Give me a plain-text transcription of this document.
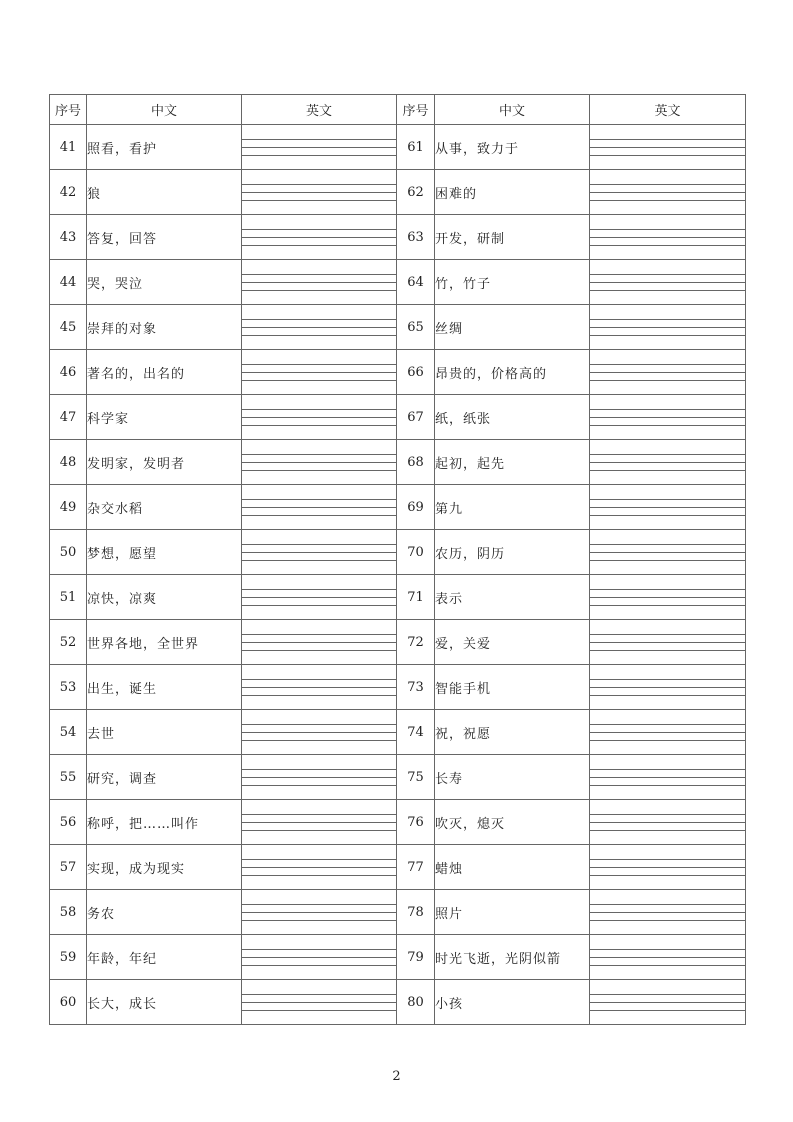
序号	中文	英文	序号	中文	英文
41	照看，看护		61	从事，致力于	

42	狼		62	困难的	

43	答复，回答		63	开发，研制	

44	哭，哭泣		64	竹，竹子	

45	崇拜的对象		65	丝绸	

46	著名的，出名的		66	昂贵的，价格高的	

47	科学家		67	纸，纸张	

48	发明家，发明者		68	起初，起先	

49	杂交水稻		69	第九	

50	梦想，愿望		70	农历，阴历	

51	凉快，凉爽		71	表示	

52	世界各地，全世界		72	爱，关爱	

53	出生，诞生		73	智能手机	

54	去世		74	祝，祝愿	

55	研究，调查		75	长寿	

56	称呼，把……叫作		76	吹灭，熄灭	

57	实现，成为现实		77	蜡烛	

58	务农		78	照片	

59	年龄，年纪		79	时光飞逝，光阴似箭	

60	长大，成长		80	小孩	
2
